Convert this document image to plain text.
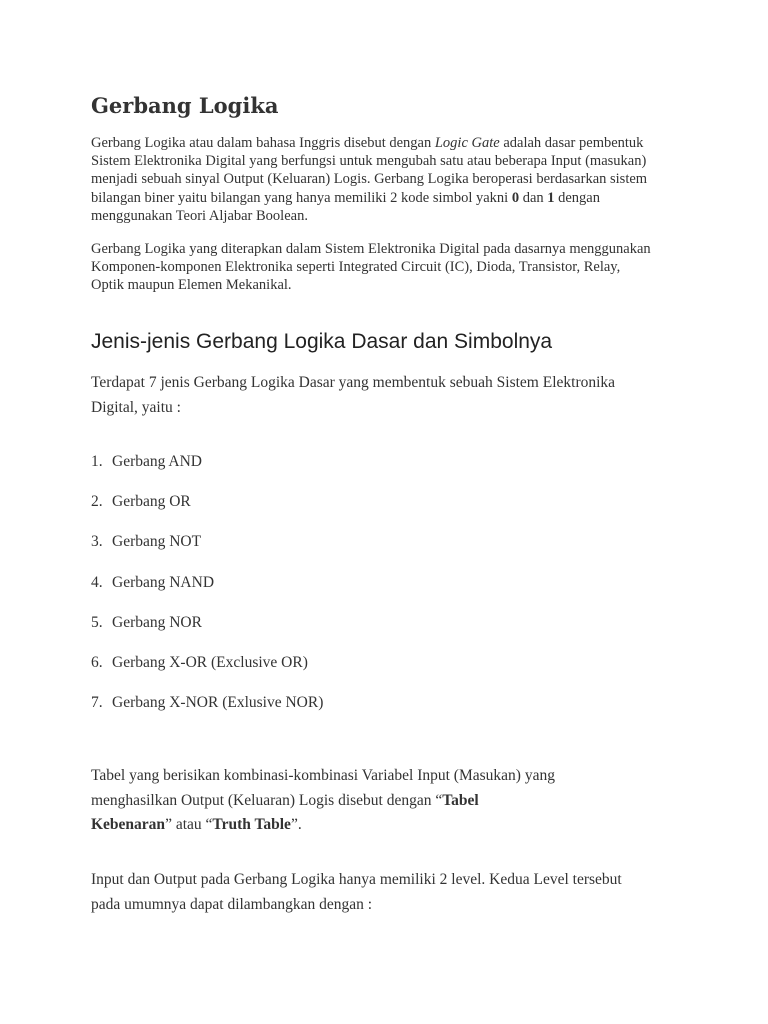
Gerbang Logika

Gerbang Logika atau dalam bahasa Inggris disebut dengan Logic Gate adalah dasar pembentuk
Sistem Elektronika Digital yang berfungsi untuk mengubah satu atau beberapa Input (masukan)
menjadi sebuah sinyal Output (Keluaran) Logis. Gerbang Logika beroperasi berdasarkan sistem
bilangan biner yaitu bilangan yang hanya memiliki 2 kode simbol yakni 0 dan 1 dengan
menggunakan Teori Aljabar Boolean.

Gerbang Logika yang diterapkan dalam Sistem Elektronika Digital pada dasarnya menggunakan
Komponen-komponen Elektronika seperti Integrated Circuit (IC), Dioda, Transistor, Relay,
Optik maupun Elemen Mekanikal.

Jenis-jenis Gerbang Logika Dasar dan Simbolnya

Terdapat 7 jenis Gerbang Logika Dasar yang membentuk sebuah Sistem Elektronika
Digital, yaitu :

1. Gerbang AND
2. Gerbang OR
3. Gerbang NOT
4. Gerbang NAND
5. Gerbang NOR
6. Gerbang X-OR (Exclusive OR)
7. Gerbang X-NOR (Exlusive NOR)

Tabel yang berisikan kombinasi-kombinasi Variabel Input (Masukan) yang
menghasilkan Output (Keluaran) Logis disebut dengan “Tabel
Kebenaran” atau “Truth Table”.

Input dan Output pada Gerbang Logika hanya memiliki 2 level. Kedua Level tersebut
pada umumnya dapat dilambangkan dengan :
